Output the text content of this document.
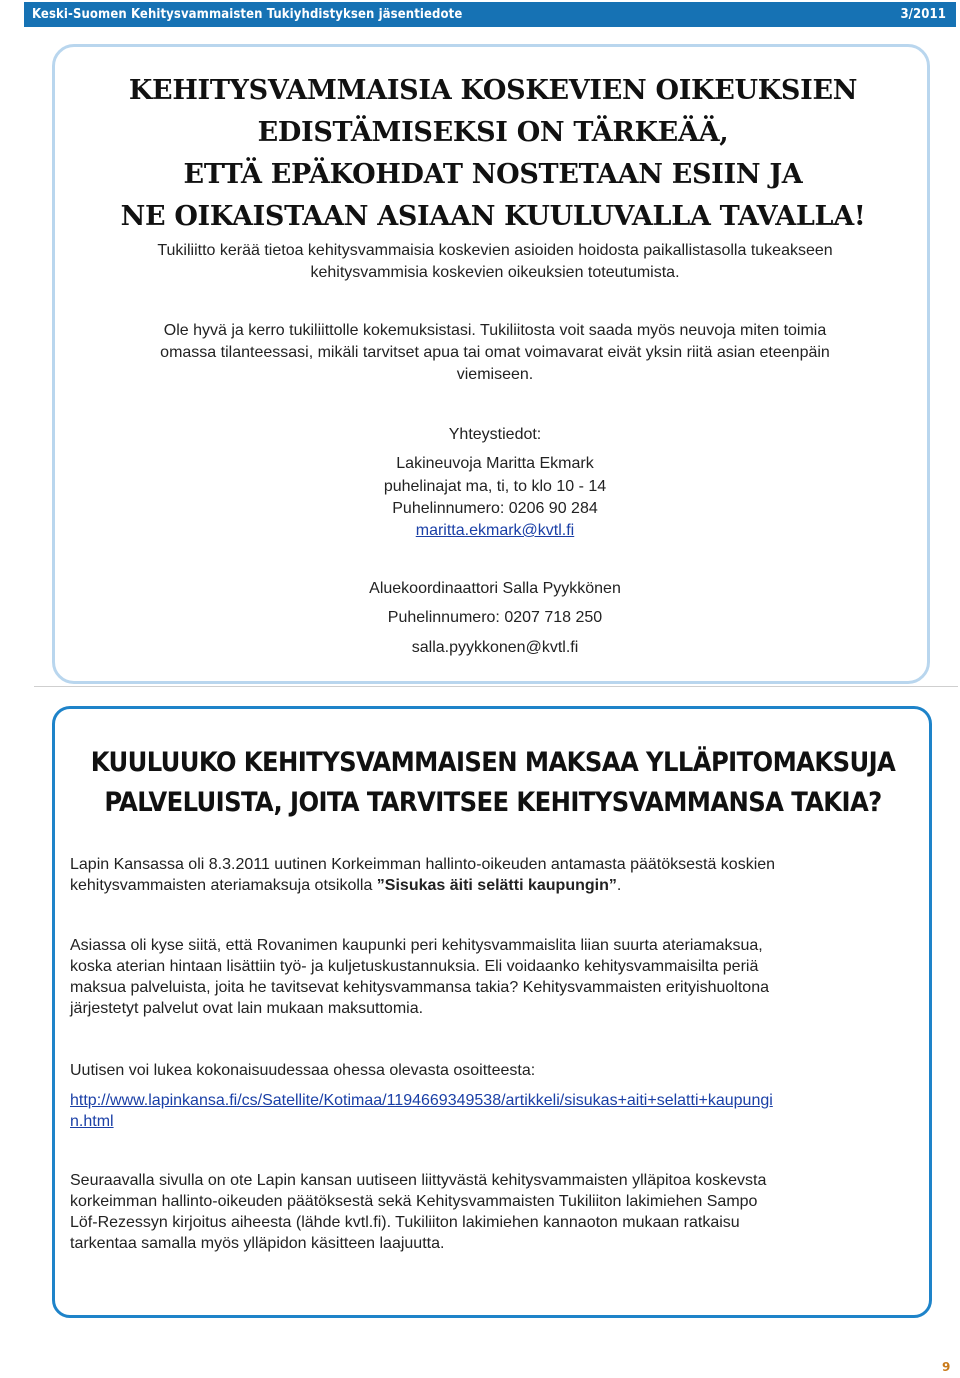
Keski-Suomen Kehitysvammaisten Tukiyhdistyksen jäsentiedote	3/2011
KEHITYSVAMMAISIA KOSKEVIEN OIKEUKSIEN
EDISTÄMISEKSI ON TÄRKEÄÄ,
ETTÄ EPÄKOHDAT NOSTETAAN ESIIN JA
NE OIKAISTAAN ASIAAN KUULUVALLA TAVALLA!

Tukiliitto kerää tietoa kehitysvammaisia koskevien asioiden hoidosta paikallistasolla tukeakseen
kehitysvammisia koskevien oikeuksien toteutumista.

Ole hyvä ja kerro tukiliittolle kokemuksistasi. Tukiliitosta voit saada myös neuvoja miten toimia
omassa tilanteessasi, mikäli tarvitset apua tai omat voimavarat eivät yksin riitä asian eteenpäin
viemiseen.

Yhteystiedot:
Lakineuvoja Maritta Ekmark
puhelinajat ma, ti, to klo 10 - 14
Puhelinnumero: 0206 90 284
maritta.ekmark@kvtl.fi
Aluekoordinaattori Salla Pyykkönen
Puhelinnumero: 0207 718 250
salla.pyykkonen@kvtl.fi
KUULUUKO KEHITYSVAMMAISEN MAKSAA YLLÄPITOMAKSUJA
PALVELUISTA, JOITA TARVITSEE KEHITYSVAMMANSA TAKIA?

Lapin Kansassa oli 8.3.2011 uutinen Korkeimman hallinto-oikeuden antamasta päätöksestä koskien
kehitysvammaisten ateriamaksuja otsikolla ”Sisukas äiti selätti kaupungin”.

Asiassa oli kyse siitä, että Rovanimen kaupunki peri kehitysvammaislita liian suurta ateriamaksua,
koska aterian hintaan lisättiin työ- ja kuljetuskustannuksia. Eli voidaanko kehitysvammaisilta periä
maksua palveluista, joita he tavitsevat kehitysvammansa takia? Kehitysvammaisten erityishuoltona
järjestetyt palvelut ovat lain mukaan maksuttomia.

Uutisen voi lukea kokonaisuudessaa ohessa olevasta osoitteesta:

http://www.lapinkansa.fi/cs/Satellite/Kotimaa/1194669349538/artikkeli/sisukas+aiti+selatti+kaupungi
n.html

Seuraavalla sivulla on ote Lapin kansan uutiseen liittyvästä kehitysvammaisten ylläpitoa koskevsta
korkeimman hallinto-oikeuden päätöksestä sekä Kehitysvammaisten Tukiliiton lakimiehen Sampo
Löf-Rezessyn kirjoitus aiheesta (lähde kvtl.fi). Tukiliiton lakimiehen kannaoton mukaan ratkaisu
tarkentaa samalla myös ylläpidon käsitteen laajuutta.

9
